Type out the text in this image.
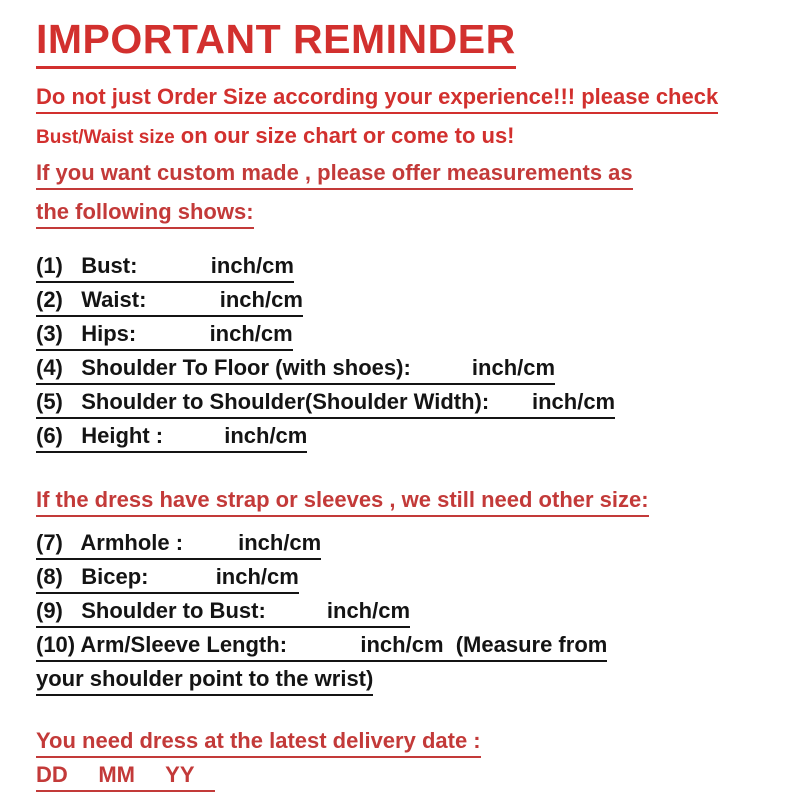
IMPORTANT REMINDER
Do not just Order Size according your experience!!! please check
Bust/Waist size on our size chart or come to us!
If you want custom made , please offer measurements as
the following shows:
(1)   Bust:            inch/cm
(2)   Waist:            inch/cm
(3)   Hips:            inch/cm
(4)   Shoulder To Floor (with shoes):          inch/cm
(5)   Shoulder to Shoulder(Shoulder Width):       inch/cm
(6)   Height :          inch/cm
If the dress have strap or sleeves , we still need other size:
(7)   Armhole :         inch/cm
(8)   Bicep:           inch/cm
(9)   Shoulder to Bust:          inch/cm
(10) Arm/Sleeve Length:            inch/cm  (Measure from
your shoulder point to the wrist)
You need dress at the latest delivery date :
DD     MM     YY
